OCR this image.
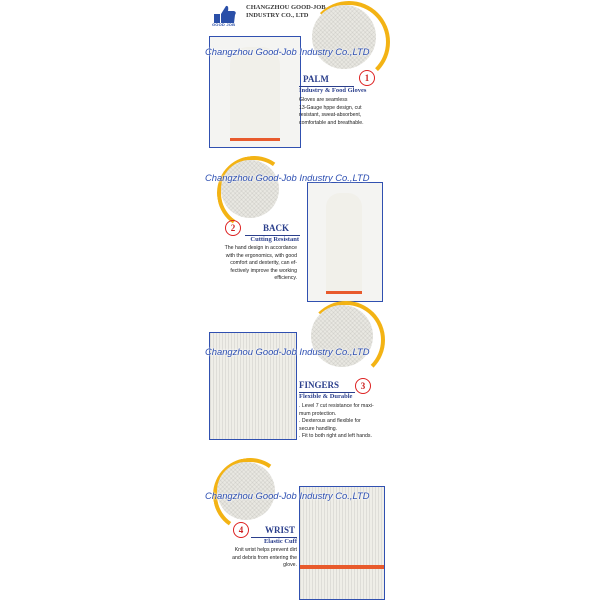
GOOD JOB
CHANGZHOU GOOD-JOB
INDUSTRY CO., LTD
Changzhou Good-Job Industry Co.,LTD
PALM	1
Industry & Food Gloves
Gloves are seamless
13-Gauge hppe design, cut
resistant, sweat-absorbent,
comfortable and breathable.
Changzhou Good-Job Industry Co.,LTD
2	BACK
Cutting Resistant
The hand design in accordance
with the ergonomics, with good
comfort and dexterity, can ef-
fectively improve the working
efficiency.
Changzhou Good-Job Industry Co.,LTD
FINGERS	3
Flexible & Durable
. Level 7 cut resistance for maxi-
mum protection.
. Dexterous and flexible for
secure handling.
. Fit to both right and left hands.
Changzhou Good-Job Industry Co.,LTD
4	WRIST
Elastic Cuff
Knit wrist helps prevent dirt
and debris from entering the
glove.
